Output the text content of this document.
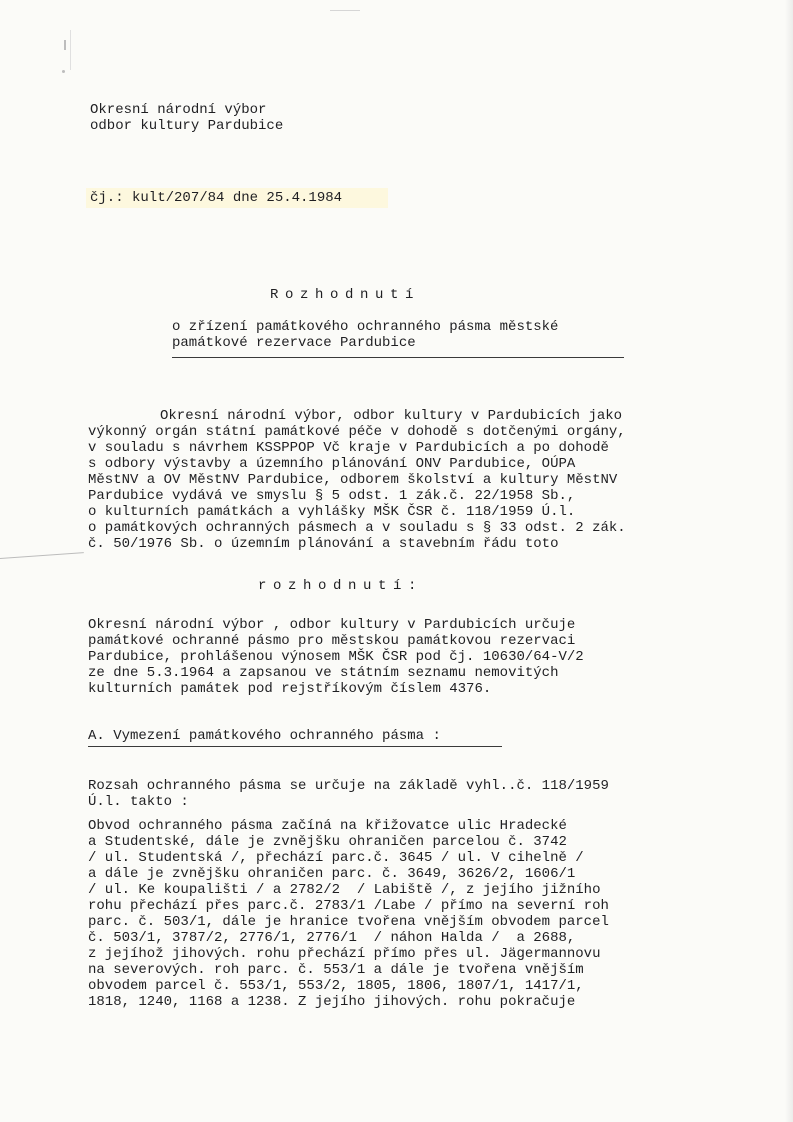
Okresní národní výbor
odbor kultury Pardubice
čj.: kult/207/84 dne 25.4.1984
Rozhodnutí
o zřízení památkového ochranného pásma městské
památkové rezervace Pardubice
Okresní národní výbor, odbor kultury v Pardubicích jako
výkonný orgán státní památkové péče v dohodě s dotčenými orgány,
v souladu s návrhem KSSPPOP Vč kraje v Pardubicích a po dohodě
s odbory výstavby a územního plánování ONV Pardubice, OÚPA
MěstNV a OV MěstNV Pardubice, odborem školství a kultury MěstNV
Pardubice vydává ve smyslu § 5 odst. 1 zák.č. 22/1958 Sb.,
o kulturních památkách a vyhlášky MŠK ČSR č. 118/1959 Ú.l.
o památkových ochranných pásmech a v souladu s § 33 odst. 2 zák.
č. 50/1976 Sb. o územním plánování a stavebním řádu toto
rozhodnutí:
Okresní národní výbor , odbor kultury v Pardubicích určuje
památkové ochranné pásmo pro městskou památkovou rezervaci
Pardubice, prohlášenou výnosem MŠK ČSR pod čj. 10630/64-V/2
ze dne 5.3.1964 a zapsanou ve státním seznamu nemovitých
kulturních památek pod rejstříkovým číslem 4376.
A. Vymezení památkového ochranného pásma :
Rozsah ochranného pásma se určuje na základě vyhl..č. 118/1959
Ú.l. takto :
Obvod ochranného pásma začíná na křižovatce ulic Hradecké
a Studentské, dále je zvnějšku ohraničen parcelou č. 3742
/ ul. Studentská /, přechází parc.č. 3645 / ul. V cihelně /
a dále je zvnějšku ohraničen parc. č. 3649, 3626/2, 1606/1
/ ul. Ke koupališti / a 2782/2  / Labiště /, z jejího jižního
rohu přechází přes parc.č. 2783/1 /Labe / přímo na severní roh
parc. č. 503/1, dále je hranice tvořena vnějším obvodem parcel
č. 503/1, 3787/2, 2776/1, 2776/1  / náhon Halda /  a 2688,
z jejíhož jihových. rohu přechází přímo přes ul. Jägermannovu
na severových. roh parc. č. 553/1 a dále je tvořena vnějším
obvodem parcel č. 553/1, 553/2, 1805, 1806, 1807/1, 1417/1,
1818, 1240, 1168 a 1238. Z jejího jihových. rohu pokračuje
